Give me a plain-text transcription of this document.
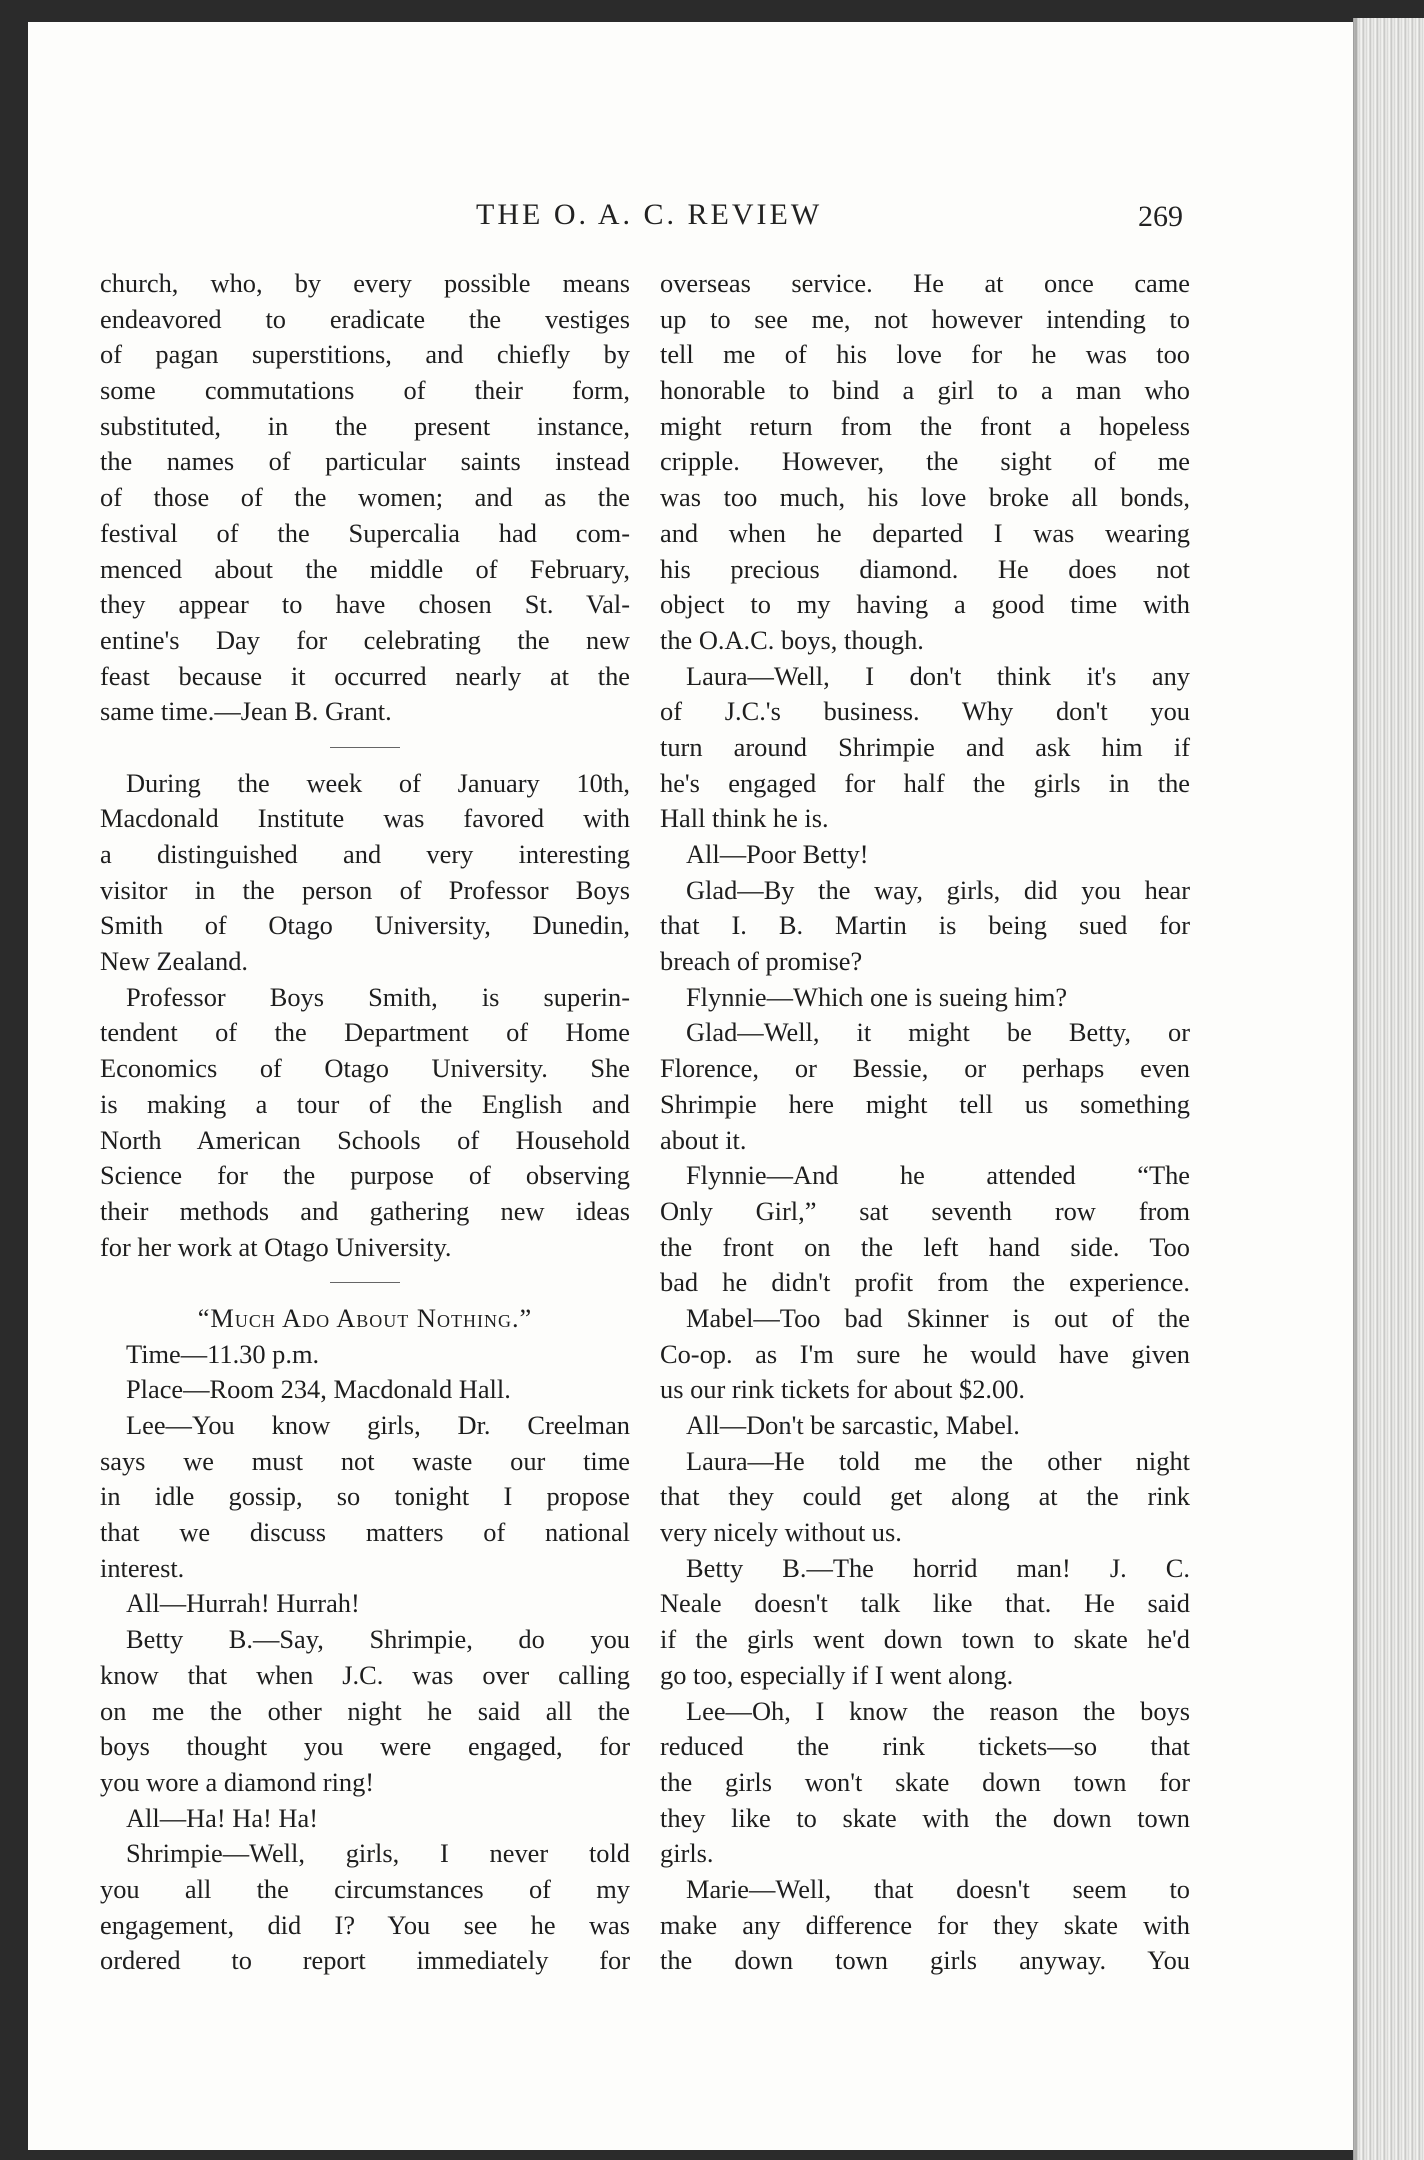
THE O. A. C. REVIEW	269
church, who, by every possible means
endeavored to eradicate the vestiges
of pagan superstitions, and chiefly by
some commutations of their form,
substituted, in the present instance,
the names of particular saints instead
of those of the women; and as the
festival of the Supercalia had com-
menced about the middle of February,
they appear to have chosen St. Val-
entine's Day for celebrating the new
feast because it occurred nearly at the
same time.—Jean B. Grant.
During the week of January 10th,
Macdonald Institute was favored with
a distinguished and very interesting
visitor in the person of Professor Boys
Smith of Otago University, Dunedin,
New Zealand.
Professor Boys Smith, is superin-
tendent of the Department of Home
Economics of Otago University. She
is making a tour of the English and
North American Schools of Household
Science for the purpose of observing
their methods and gathering new ideas
for her work at Otago University.
“Much Ado About Nothing.”
Time—11.30 p.m.
Place—Room 234, Macdonald Hall.
Lee—You know girls, Dr. Creelman
says we must not waste our time
in idle gossip, so tonight I propose
that we discuss matters of national
interest.
All—Hurrah! Hurrah!
Betty B.—Say, Shrimpie, do you
know that when J.C. was over calling
on me the other night he said all the
boys thought you were engaged, for
you wore a diamond ring!
All—Ha! Ha! Ha!
Shrimpie—Well, girls, I never told
you all the circumstances of my
engagement, did I? You see he was
ordered to report immediately for
overseas service. He at once came
up to see me, not however intending to
tell me of his love for he was too
honorable to bind a girl to a man who
might return from the front a hopeless
cripple. However, the sight of me
was too much, his love broke all bonds,
and when he departed I was wearing
his precious diamond. He does not
object to my having a good time with
the O.A.C. boys, though.
Laura—Well, I don't think it's any
of J.C.'s business. Why don't you
turn around Shrimpie and ask him if
he's engaged for half the girls in the
Hall think he is.
All—Poor Betty!
Glad—By the way, girls, did you hear
that I. B. Martin is being sued for
breach of promise?
Flynnie—Which one is sueing him?
Glad—Well, it might be Betty, or
Florence, or Bessie, or perhaps even
Shrimpie here might tell us something
about it.
Flynnie—And he attended “The
Only Girl,” sat seventh row from
the front on the left hand side. Too
bad he didn't profit from the experience.
Mabel—Too bad Skinner is out of the
Co-op. as I'm sure he would have given
us our rink tickets for about $2.00.
All—Don't be sarcastic, Mabel.
Laura—He told me the other night
that they could get along at the rink
very nicely without us.
Betty B.—The horrid man! J. C.
Neale doesn't talk like that. He said
if the girls went down town to skate he'd
go too, especially if I went along.
Lee—Oh, I know the reason the boys
reduced the rink tickets—so that
the girls won't skate down town for
they like to skate with the down town
girls.
Marie—Well, that doesn't seem to
make any difference for they skate with
the down town girls anyway. You
